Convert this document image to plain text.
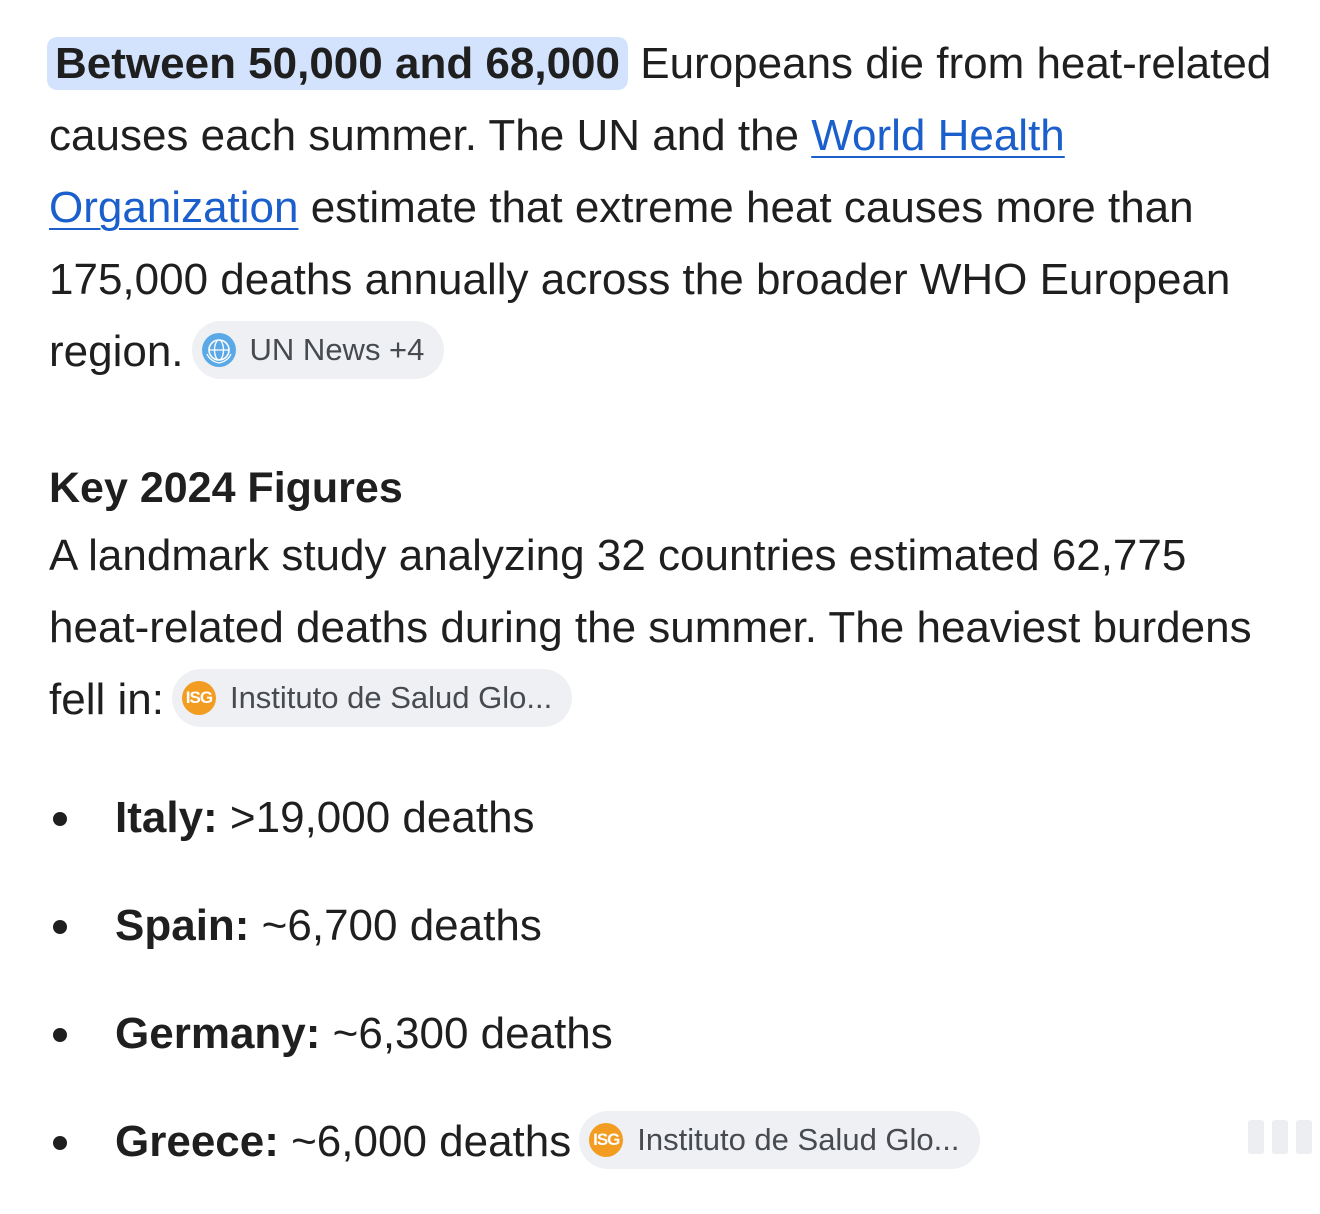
Between 50,000 and 68,000 Europeans die from heat-related causes each summer. The UN and the World Health Organization estimate that extreme heat causes more than 175,000 deaths annually across the broader WHO European region. UN News +4

Key 2024 Figures

A landmark study analyzing 32 countries estimated 62,775 heat-related deaths during the summer. The heaviest burdens fell in: ISG Instituto de Salud Glo...

Italy: >19,000 deaths
Spain: ~6,700 deaths
Germany: ~6,300 deaths
Greece: ~6,000 deaths ISG Instituto de Salud Glo...
